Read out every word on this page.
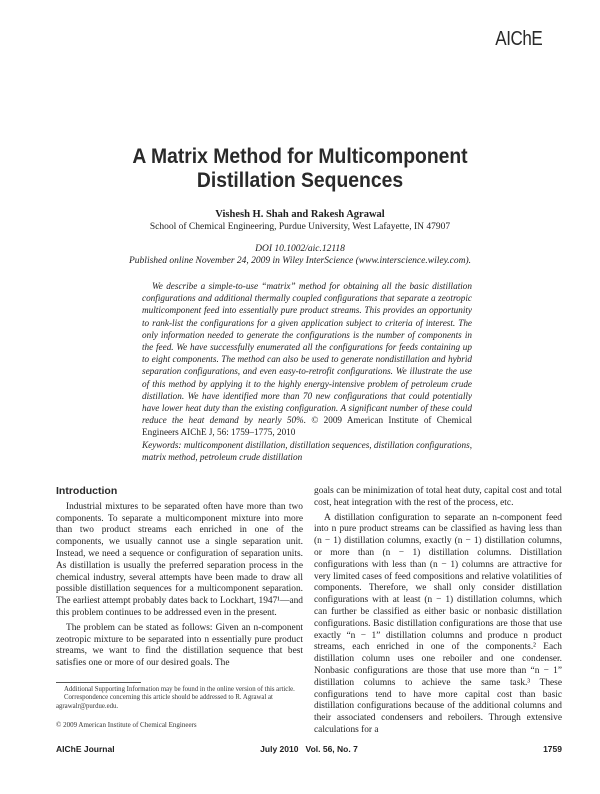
AIChE
A Matrix Method for Multicomponent
Distillation Sequences
Vishesh H. Shah and Rakesh Agrawal
School of Chemical Engineering, Purdue University, West Lafayette, IN 47907
DOI 10.1002/aic.12118
Published online November 24, 2009 in Wiley InterScience (www.interscience.wiley.com).
We describe a simple-to-use “matrix” method for obtaining all the basic distillation configurations and additional thermally coupled configurations that separate a zeotropic multicomponent feed into essentially pure product streams. This provides an opportunity to rank-list the configurations for a given application subject to criteria of interest. The only information needed to generate the configurations is the number of components in the feed. We have successfully enumerated all the configurations for feeds containing up to eight components. The method can also be used to generate nondistillation and hybrid separation configurations, and even easy-to-retrofit configurations. We illustrate the use of this method by applying it to the highly energy-intensive problem of petroleum crude distillation. We have identified more than 70 new configurations that could potentially have lower heat duty than the existing configuration. A significant number of these could reduce the heat demand by nearly 50%. © 2009 American Institute of Chemical Engineers AIChE J, 56: 1759–1775, 2010
Keywords: multicomponent distillation, distillation sequences, distillation configurations, matrix method, petroleum crude distillation
Introduction

Industrial mixtures to be separated often have more than two components. To separate a multicomponent mixture into more than two product streams each enriched in one of the components, we usually cannot use a single separation unit. Instead, we need a sequence or configuration of separation units. As distillation is usually the preferred separation process in the chemical industry, several attempts have been made to draw all possible distillation sequences for a multicomponent separation. The earliest attempt probably dates back to Lockhart, 1947¹—and this problem continues to be addressed even in the present.

The problem can be stated as follows: Given an n-component zeotropic mixture to be separated into n essentially pure product streams, we want to find the distillation sequence that best satisfies one or more of our desired goals. The

Additional Supporting Information may be found in the online version of this article.

Correspondence concerning this article should be addressed to R. Agrawal at agrawalr@purdue.edu.

© 2009 American Institute of Chemical Engineers

goals can be minimization of total heat duty, capital cost and total cost, heat integration with the rest of the process, etc.

A distillation configuration to separate an n-component feed into n pure product streams can be classified as having less than (n − 1) distillation columns, exactly (n − 1) distillation columns, or more than (n − 1) distillation columns. Distillation configurations with less than (n − 1) columns are attractive for very limited cases of feed compositions and relative volatilities of components. Therefore, we shall only consider distillation configurations with at least (n − 1) distillation columns, which can further be classified as either basic or nonbasic distillation configurations. Basic distillation configurations are those that use exactly “n − 1” distillation columns and produce n product streams, each enriched in one of the components.² Each distillation column uses one reboiler and one condenser. Nonbasic configurations are those that use more than “n − 1” distillation columns to achieve the same task.³ These configurations tend to have more capital cost than basic distillation configurations because of the additional columns and their associated condensers and reboilers. Through extensive calculations for a

AIChE Journal	July 2010   Vol. 56, No. 7	1759
